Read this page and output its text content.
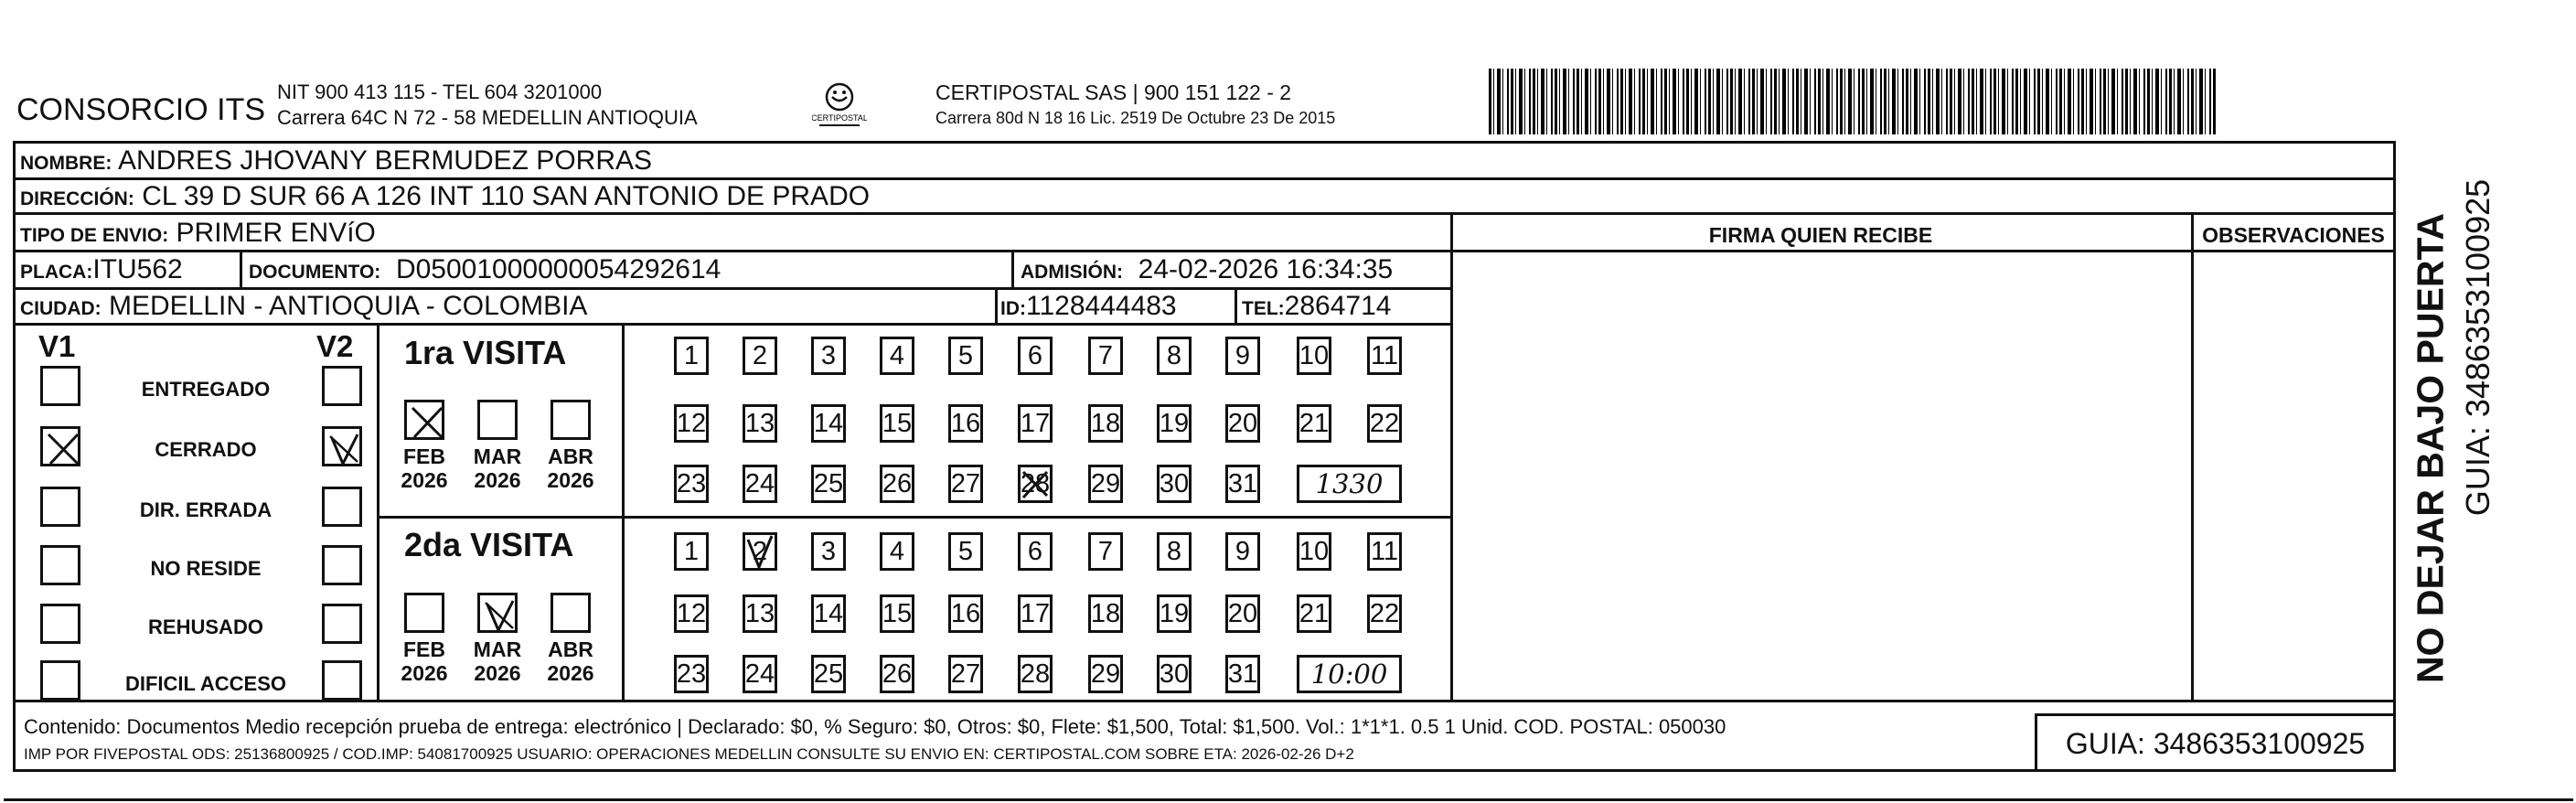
CONSORCIO ITS
NIT 900 413 115 - TEL 604 3201000
Carrera 64C N 72 - 58 MEDELLIN ANTIOQUIA	CERTIPOSTAL
CERTIPOSTAL SAS | 900 151 122 - 2
Carrera 80d N 18 16 Lic. 2519 De Octubre 23 De 2015
NOMBRE: ANDRES JHOVANY BERMUDEZ PORRAS
DIRECCIÓN: CL 39 D SUR 66 A 126 INT 110 SAN ANTONIO DE PRADO
TIPO DE ENVIO: PRIMER ENVíO
PLACA:ITU562	DOCUMENTO: D05001000000054292614	ADMISIÓN: 24-02-2026 16:34:35
CIUDAD: MEDELLIN - ANTIOQUIA - COLOMBIA	ID:1128444483	TEL:2864714
FIRMA QUIEN RECIBE	OBSERVACIONES
V1	V2
ENTREGADO
CERRADO
DIR. ERRADA
NO RESIDE
REHUSADO
DIFICIL ACCESO
1ra VISITA
2da VISITA
FEB
2026
MAR
2026
ABR
2026
FEB
2026
MAR
2026
ABR
2026
1 2 3 4 5 6 7 8 9 10 11
12 13 14 15 16 17 18 19 20 21 22
23 24 25 26 27 28 29 30 31 1330
1 2 3 4 5 6 7 8 9 10 11
12 13 14 15 16 17 18 19 20 21 22
23 24 25 26 27 28 29 30 31 10:00
Contenido: Documentos Medio recepción prueba de entrega: electrónico | Declarado: $0, % Seguro: $0, Otros: $0, Flete: $1,500, Total: $1,500. Vol.: 1*1*1. 0.5 1 Unid. COD. POSTAL: 050030
IMP POR FIVEPOSTAL ODS: 25136800925 / COD.IMP: 54081700925 USUARIO: OPERACIONES MEDELLIN CONSULTE SU ENVIO EN: CERTIPOSTAL.COM SOBRE ETA: 2026-02-26 D+2	GUIA: 3486353100925
NO DEJAR BAJO PUERTA GUIA: 3486353100925
